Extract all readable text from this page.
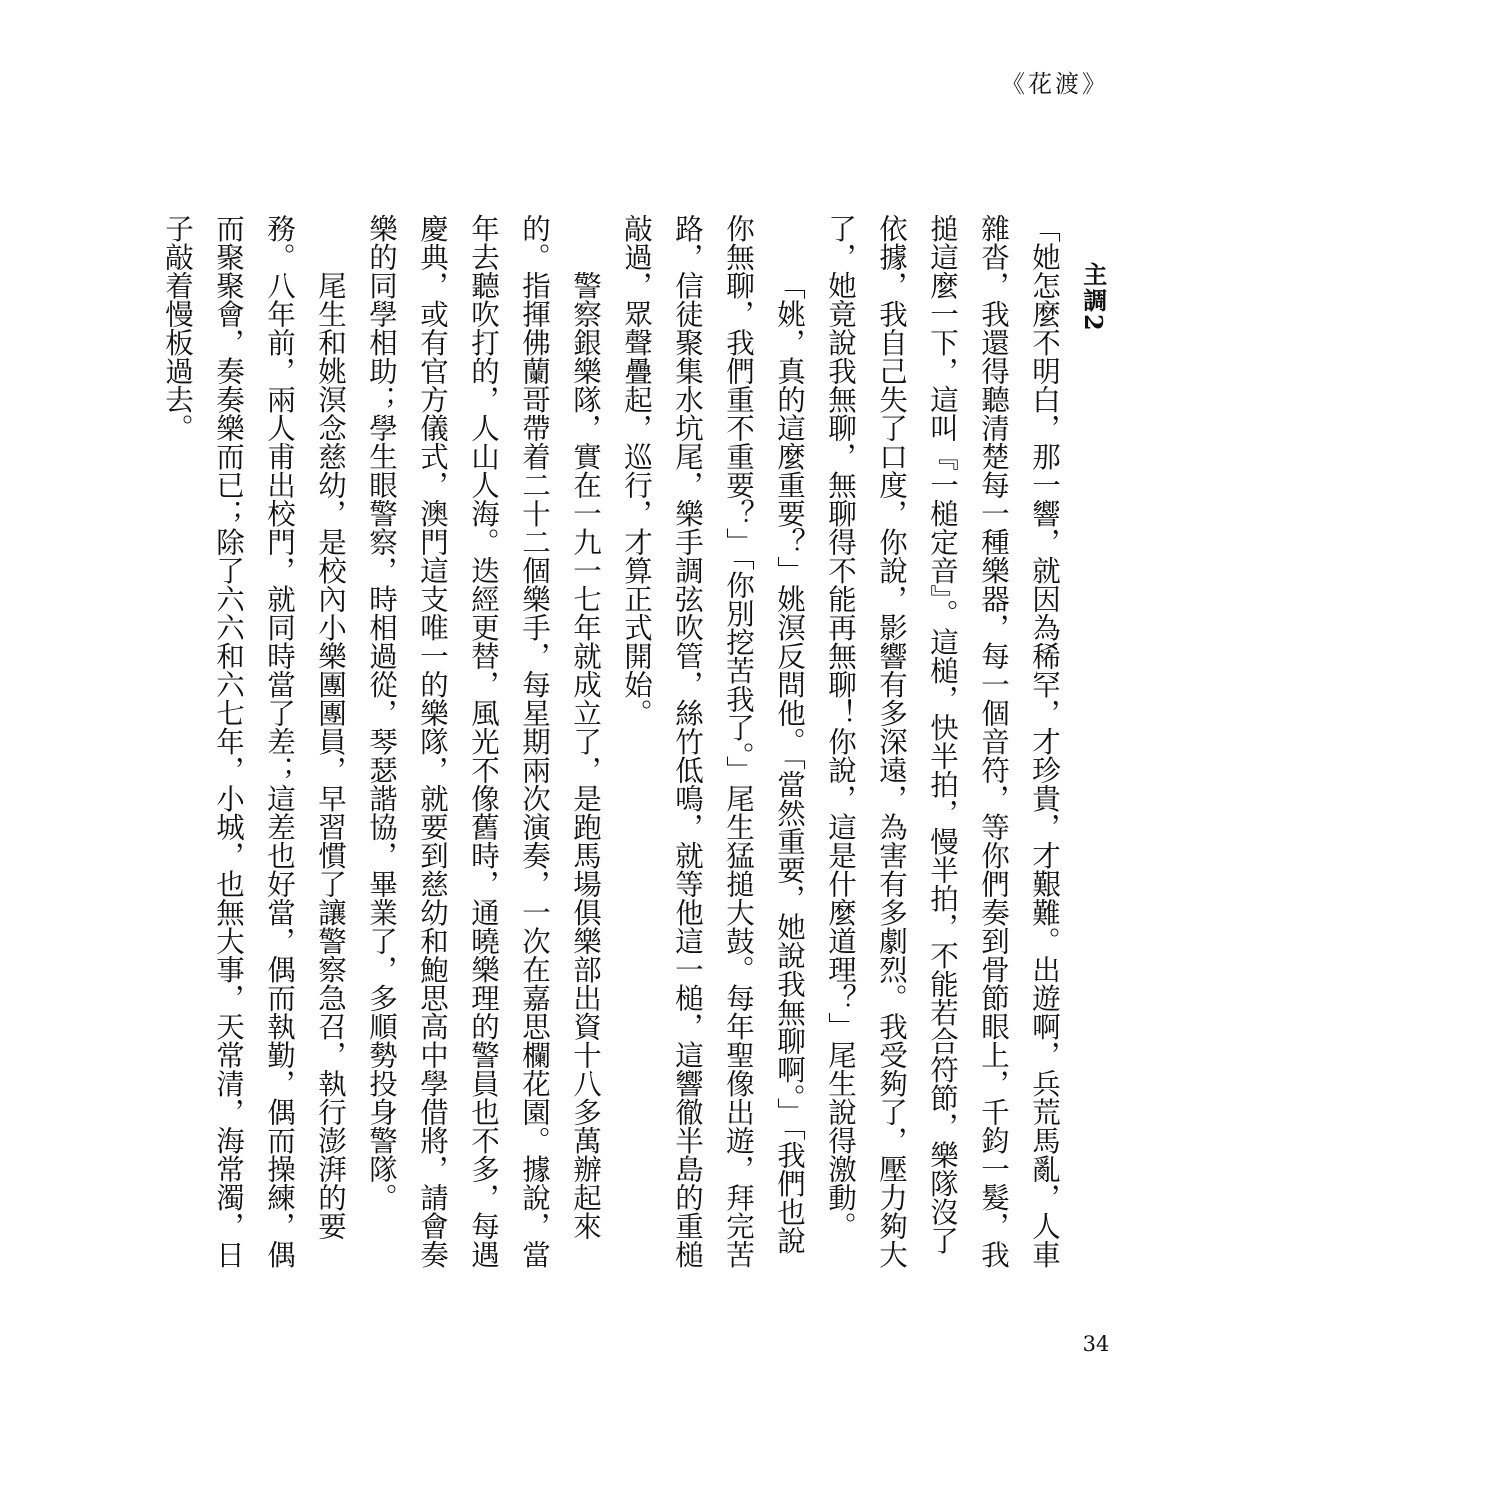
《花渡》
主調2

「她怎麼不明白，那一響，就因為稀罕，才珍貴，才艱難。出遊啊，兵荒馬亂，人車雜沓，我還得聽清楚每一種樂器，每一個音符，等你們奏到骨節眼上，千鈞一髮，我搥這麼一下，這叫『一槌定音』。這槌，快半拍，慢半拍，不能若合符節，樂隊沒了依據，我自己失了口度，你說，影響有多深遠，為害有多劇烈。我受夠了，壓力夠大了，她竟說我無聊，無聊得不能再無聊！你說，這是什麼道理？」尾生說得激動。

「姚，真的這麼重要？」姚溟反問他。「當然重要，她說我無聊啊。」「我們也說你無聊，我們重不重要？」「你別挖苦我了。」尾生猛搥大鼓。每年聖像出遊，拜完苦路，信徒聚集水坑尾，樂手調弦吹管，絲竹低鳴，就等他這一槌，這響徹半島的重槌敲過，眾聲疊起，巡行，才算正式開始。

警察銀樂隊，實在一九一七年就成立了，是跑馬場俱樂部出資十八多萬辦起來的。指揮佛蘭哥帶着二十二個樂手，每星期兩次演奏，一次在嘉思欄花園。據說，當年去聽吹打的，人山人海。迭經更替，風光不像舊時，通曉樂理的警員也不多，每遇慶典，或有官方儀式，澳門這支唯一的樂隊，就要到慈幼和鮑思高中學借將，請會奏樂的同學相助；學生眼警察，時相過從，琴瑟諧協，畢業了，多順勢投身警隊。

尾生和姚溟念慈幼，是校內小樂團團員，早習慣了讓警察急召，執行澎湃的要務。八年前，兩人甫出校門，就同時當了差；這差也好當，偶而執勤，偶而操練，偶而聚聚會，奏奏樂而已；除了六六和六七年，小城，也無大事，天常清，海常濁，日子敲着慢板過去。

34
